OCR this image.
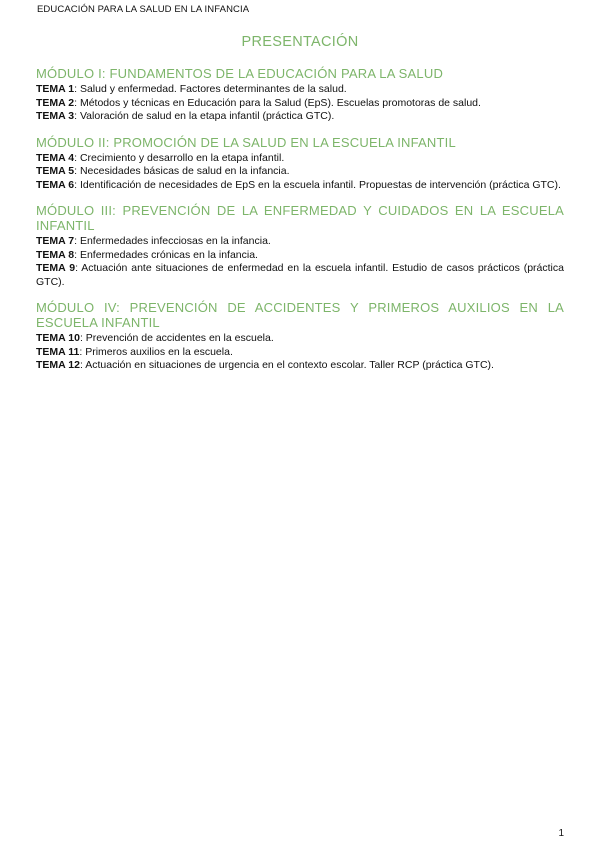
EDUCACIÓN PARA LA SALUD EN LA INFANCIA
PRESENTACIÓN
MÓDULO I: FUNDAMENTOS DE LA EDUCACIÓN PARA LA SALUD
TEMA 1: Salud y enfermedad. Factores determinantes de la salud.
TEMA 2: Métodos y técnicas en Educación para la Salud (EpS). Escuelas promotoras de salud.
TEMA 3: Valoración de salud en la etapa infantil (práctica GTC).
MÓDULO II: PROMOCIÓN DE LA SALUD EN LA ESCUELA INFANTIL
TEMA 4: Crecimiento y desarrollo en la etapa infantil.
TEMA 5: Necesidades básicas de salud en la infancia.
TEMA 6: Identificación de necesidades de EpS en la escuela infantil. Propuestas de intervención (práctica GTC).
MÓDULO III: PREVENCIÓN DE LA ENFERMEDAD Y CUIDADOS EN LA ESCUELA INFANTIL
TEMA 7: Enfermedades infecciosas en la infancia.
TEMA 8: Enfermedades crónicas en la infancia.
TEMA 9: Actuación ante situaciones de enfermedad en la escuela infantil. Estudio de casos prácticos (práctica GTC).
MÓDULO IV: PREVENCIÓN DE ACCIDENTES Y PRIMEROS AUXILIOS EN LA ESCUELA INFANTIL
TEMA 10: Prevención de accidentes en la escuela.
TEMA 11: Primeros auxilios en la escuela.
TEMA 12: Actuación en situaciones de urgencia en el contexto escolar. Taller RCP (práctica GTC).
1
